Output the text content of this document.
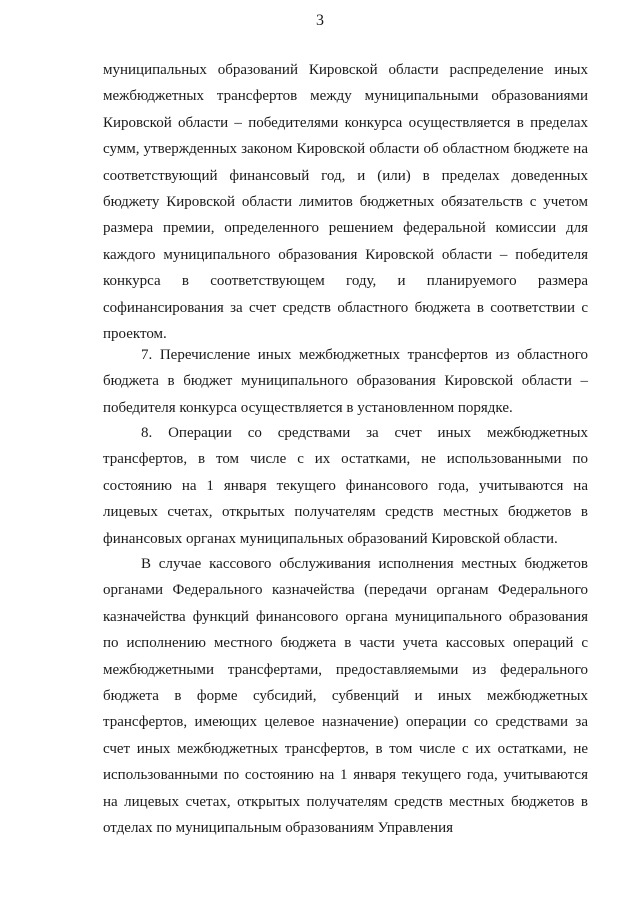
3

муниципальных образований Кировской области распределение иных межбюджетных трансфертов между муниципальными образованиями Кировской области – победителями конкурса осуществляется в пределах сумм, утвержденных законом Кировской области об областном бюджете на соответствующий финансовый год, и (или) в пределах доведенных бюджету Кировской области лимитов бюджетных обязательств с учетом размера премии, определенного решением федеральной комиссии для каждого муниципального образования Кировской области – победителя конкурса в соответствующем году, и планируемого размера софинансирования за счет средств областного бюджета в соответствии с проектом.

7. Перечисление иных межбюджетных трансфертов из областного бюджета в бюджет муниципального образования Кировской области – победителя конкурса осуществляется в установленном порядке.

8. Операции со средствами за счет иных межбюджетных трансфертов, в том числе с их остатками, не использованными по состоянию на 1 января текущего финансового года, учитываются на лицевых счетах, открытых получателям средств местных бюджетов в финансовых органах муниципальных образований Кировской области.

В случае кассового обслуживания исполнения местных бюджетов органами Федерального казначейства (передачи органам Федерального казначейства функций финансового органа муниципального образования по исполнению местного бюджета в части учета кассовых операций с межбюджетными трансфертами, предоставляемыми из федерального бюджета в форме субсидий, субвенций и иных межбюджетных трансфертов, имеющих целевое назначение) операции со средствами за счет иных межбюджетных трансфертов, в том числе с их остатками, не использованными по состоянию на 1 января текущего года, учитываются на лицевых счетах, открытых получателям средств местных бюджетов в отделах по муниципальным образованиям Управления
